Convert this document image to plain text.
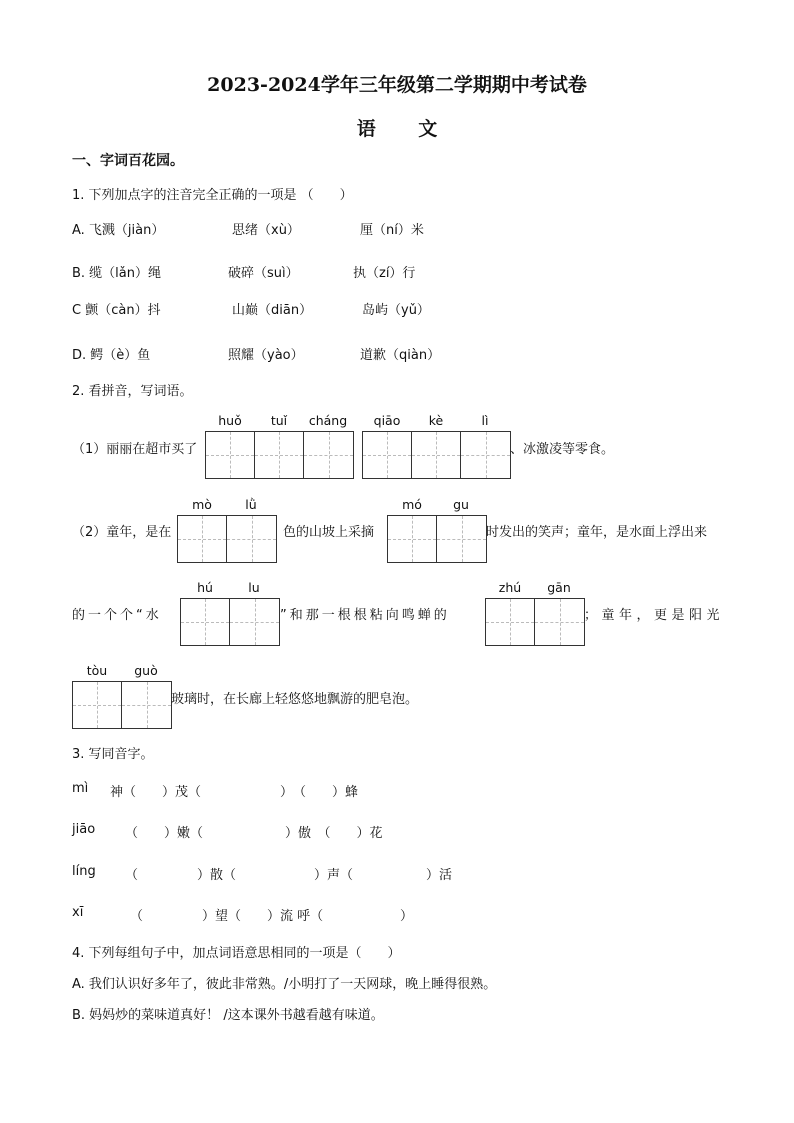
2023-2024学年三年级第二学期期中考试卷
语 文
一、字词百花园。
1. 下列加点字的注音完全正确的一项是 （　　）
A. 飞溅（jiàn）	思绪（xù）	厘（ní）米
B. 缆（lǎn）绳	破碎（suì）	执（zí）行
C 颤（càn）抖	山巅（diān）	岛屿（yǔ）
D. 鳄（è）鱼	照耀（yào）	道歉（qiàn）
2. 看拼音，写词语。
huǒ	tuǐ	cháng	qiāo	kè	lì
（1）丽丽在超市买了	、冰激凌等零食。
mò	lǜ	mó	gu
（2）童年，是在	色的山坡上采摘	时发出的笑声；童年，是水面上浮出来
hú	lu	zhú	gān
的一个个“水	”和那一根根粘向鸣蝉的	；童年，更是阳光
tòu	guò
玻璃时，在长廊上轻悠悠地飘游的肥皂泡。
3. 写同音字。
mì 神（　　）茂（	）　（　　）蜂
jiāo （　　）嫩（	）傲　（　　）花
líng （	）散（	）声（	）活
xī	（	）望（　　）流 呼（	）
4. 下列每组句子中，加点词语意思相同的一项是（　　）
A. 我们认识好多年了，彼此非常熟。/小明打了一天网球，晚上睡得很熟。
B. 妈妈炒的菜味道真好！ /这本课外书越看越有味道。
